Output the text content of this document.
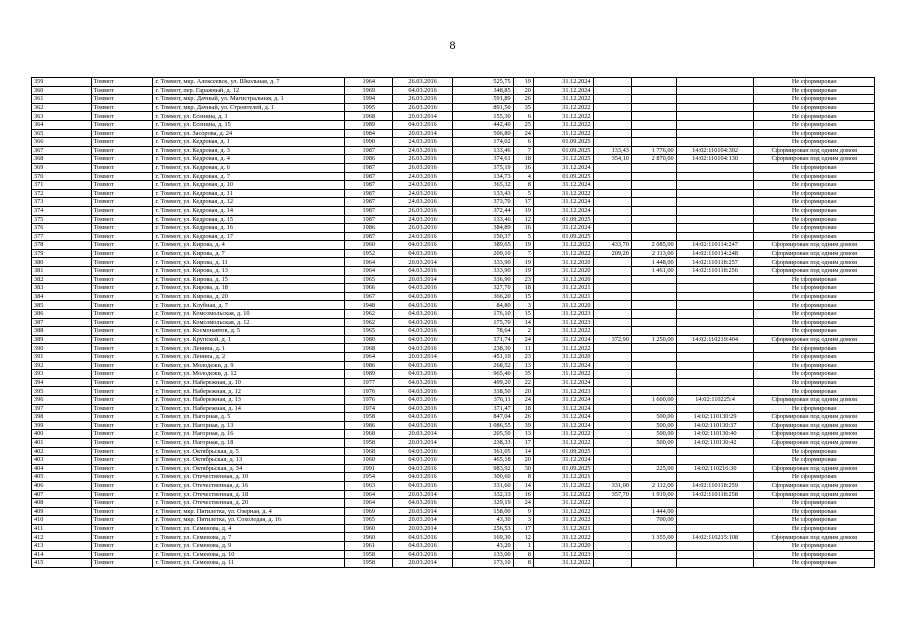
8
359	Томмот	г. Томмот, мкр. Алексеевск, ул. Школьная, д. 7	1964	26.03.2016	525,75	19	31.12.2024				Не сформирован
360	Томмот	г. Томмот, пер. Гаражный, д. 12	1969	04.03.2016	348,85	20	31.12.2024				Не сформирован
361	Томмот	г. Томмот, мкр. Дачный, ул. Магистральная, д. 1	1994	26.03.2016	591,89	26	31.12.2022				Не сформирован
362	Томмот	г. Томмот, мкр. Дачный, ул. Строителей, д. 1	1995	26.03.2016	891,50	35	31.12.2022				Не сформирован
363	Томмот	г. Томмот, ул. Есенина, д. 1	1968	20.03.2014	155,30	6	31.12.2022				Не сформирован
364	Томмот	г. Томмот, ул. Есенина, д. 15	1989	04.03.2016	442,40	25	31.12.2022				Не сформирован
365	Томмот	г. Томмот, ул. Засорова, д. 24	1984	20.03.2014	506,80	24	31.12.2022				Не сформирован
366	Томмот	г. Томмот, ул. Кедровая, д. 1	1990	24.03.2016	174,02	6	01.09.2025				Не сформирован
367	Томмот	г. Томмот, ул. Кедровая, д. 3	1987	24.03.2016	133,46	7	01.09.2025	133,43	1 776,00	14:02:110104:302	Сформирован под одним домом
368	Томмот	г. Томмот, ул. Кедровая, д. 4	1986	26.03.2016	374,61	18	31.12.2025	354,10	2 870,00	14:02:110104:130	Сформирован под одним домом
369	Томмот	г. Томмот, ул. Кедровая, д. 6	1987	26.03.2016	375,19	16	31.12.2024				Не сформирован
370	Томмот	г. Томмот, ул. Кедровая, д. 7	1987	24.03.2016	134,73	4	01.09.2025				Не сформирован
371	Томмот	г. Томмот, ул. Кедровая, д. 10	1987	24.03.2016	365,32	8	31.12.2024				Не сформирован
372	Томмот	г. Томмот, ул. Кедровая, д. 11	1987	24.03.2016	133,43	5	31.12.2022				Не сформирован
373	Томмот	г. Томмот, ул. Кедровая, д. 12	1987	24.03.2016	373,70	17	31.12.2024				Не сформирован
374	Томмот	г. Томмот, ул. Кедровая, д. 14	1987	26.03.2016	372,44	19	31.12.2024				Не сформирован
375	Томмот	г. Томмот, ул. Кедровая, д. 15	1987	24.03.2016	133,46	12	01.09.2025				Не сформирован
376	Томмот	г. Томмот, ул. Кедровая, д. 16	1986	26.03.2016	384,89	16	31.12.2024				Не сформирован
377	Томмот	г. Томмот, ул. Кедровая, д. 17	1987	24.03.2016	150,37	5	01.09.2025				Не сформирован
378	Томмот	г. Томмот, ул. Кирова, д. 4	1960	04.03.2016	389,65	19	31.12.2022	433,70	2 085,00	14:02:110114:247	Сформирован под одним домом
379	Томмот	г. Томмот, ул. Кирова, д. 7	1952	04.03.2016	209,10	7	31.12.2022	209,20	2 113,00	14:02:110114:248	Сформирован под одним домом
380	Томмот	г. Томмот, ул. Кирова, д. 11	1964	20.03.2014	333,90	19	31.12.2020		1 448,00	14:02:110118:257	Сформирован под одним домом
381	Томмот	г. Томмот, ул. Кирова, д. 13	1964	04.03.2016	333,90	19	31.12.2020		1 461,00	14:02:110118:256	Сформирован под одним домом
382	Томмот	г. Томмот, ул. Кирова, д. 15	1965	20.03.2014	336,90	23	31.12.2020				Не сформирован
383	Томмот	г. Томмот, ул. Кирова, д. 18	1966	04.03.2016	327,70	18	31.12.2021				Не сформирован
384	Томмот	г. Томмот, ул. Кирова, д. 20	1967	04.03.2016	366,20	15	31.12.2021				Не сформирован
385	Томмот	г. Томмот, ул. Клубная, д. 7	1948	04.03.2016	84,80	3	31.12.2020				Не сформирован
386	Томмот	г. Томмот, ул. Комсомольская, д. 10	1962	04.03.2016	176,10	15	31.12.2023				Не сформирован
387	Томмот	г. Томмот, ул. Комсомольская, д. 12	1962	04.03.2016	175,70	14	31.12.2023				Не сформирован
388	Томмот	г. Томмот, ул. Космонавтов, д. 5	1965	04.03.2016	78,64	2	31.12.2022				Не сформирован
389	Томмот	г. Томмот, ул. Крупской, д. 1	1980	04.03.2016	371,74	24	31.12.2024	372,90	1 250,00	14:02:110219:404	Сформирован под одним домом
390	Томмот	г. Томмот, ул. Ленина, д. 1	1968	04.03.2016	238,30	11	31.12.2022				Не сформирован
391	Томмот	г. Томмот, ул. Ленина, д. 2	1964	20.03.2014	451,10	23	31.12.2020				Не сформирован
392	Томмот	г. Томмот, ул. Молодежи, д. 9	1986	04.03.2016	268,52	13	31.12.2024				Не сформирован
393	Томмот	г. Томмот, ул. Молодежи, д. 12	1989	04.03.2016	965,40	35	31.12.2022				Не сформирован
394	Томмот	г. Томмот, ул. Набережная, д. 10	1977	04.03.2016	499,20	22	31.12.2024				Не сформирован
395	Томмот	г. Томмот, ул. Набережная, д. 12	1976	04.03.2016	338,50	20	31.12.2023				Не сформирован
396	Томмот	г. Томмот, ул. Набережная, д. 13	1976	04.03.2016	376,11	24	31.12.2024		1 600,00	14:02:110225:4	Сформирован под одним домом
397	Томмот	г. Томмот, ул. Набережная, д. 14	1974	04.03.2016	371,47	18	31.12.2024				Не сформирован
398	Томмот	г. Томмот, ул. Нагорная, д. 5	1958	04.03.2016	847,04	26	31.12.2024		500,00	14:02:110130:29	Сформирован под одним домом
399	Томмот	г. Томмот, ул. Нагорная, д. 13	1986	04.03.2016	1 086,55	39	31.12.2024		500,00	14:02:110130:37	Сформирован под одним домом
400	Томмот	г. Томмот, ул. Нагорная, д. 16	1968	20.03.2014	205,50	13	31.12.2022		500,00	14:02:110130:40	Сформирован под одним домом
401	Томмот	г. Томмот, ул. Нагорная, д. 18	1958	20.03.2014	238,33	17	31.12.2022		500,00	14:02:110130:42	Сформирован под одним домом
402	Томмот	г. Томмот, ул. Октябрьская, д. 5	1968	04.03.2016	361,05	14	01.09.2025				Не сформирован
403	Томмот	г. Томмот, ул. Октябрьская, д. 13	1960	04.03.2016	465,18	20	31.12.2024				Не сформирован
404	Томмот	г. Томмот, ул. Октябрьская, д. 34	1991	04.03.2016	983,92	30	01.09.2025		225,00	14:02:110216:30	Сформирован под одним домом
405	Томмот	г. Томмот, ул. Отечественная, д. 10	1954	04.03.2016	300,60	8	31.12.2021				Не сформирован
406	Томмот	г. Томмот, ул. Отечественная, д. 16	1963	04.03.2016	331,60	14	31.12.2022	331,00	2 112,00	14:02:110118:259	Сформирован под одним домом
407	Томмот	г. Томмот, ул. Отечественная, д. 18	1964	20.03.2014	332,33	16	31.12.2022	357,70	1 919,00	14:02:110118:258	Сформирован под одним домом
408	Томмот	г. Томмот, ул. Отечественная, д. 20	1964	04.03.2016	329,19	24	31.12.2022				Не сформирован
409	Томмот	г. Томмот, мкр. Пятилетка, ул. Озерная, д. 4	1969	20.03.2014	158,00	9	31.12.2022		1 444,00		Не сформирован
410	Томмот	г. Томмот, мкр. Пятилетка, ул. Сохолодая, д. 16	1965	20.03.2014	43,30	3	31.12.2022		700,00		Не сформирован
411	Томмот	г. Томмот, ул. Семенова, д. 4	1960	20.03.2014	256,53	17	31.12.2021				Не сформирован
412	Томмот	г. Томмот, ул. Семенова, д. 7	1960	04.03.2016	169,30	12	31.12.2022		1 355,00	14:02:110215:108	Сформирован под одним домом
413	Томмот	г. Томмот, ул. Семенова, д. 9	1961	04.03.2016	43,20	1	31.12.2020				Не сформирован
414	Томмот	г. Томмот, ул. Семенова, д. 10	1958	04.03.2016	133,00	8	31.12.2023				Не сформирован
415	Томмот	г. Томмот, ул. Семенова, д. 11	1958	20.03.2014	173,10	8	31.12.2022				Не сформирован
